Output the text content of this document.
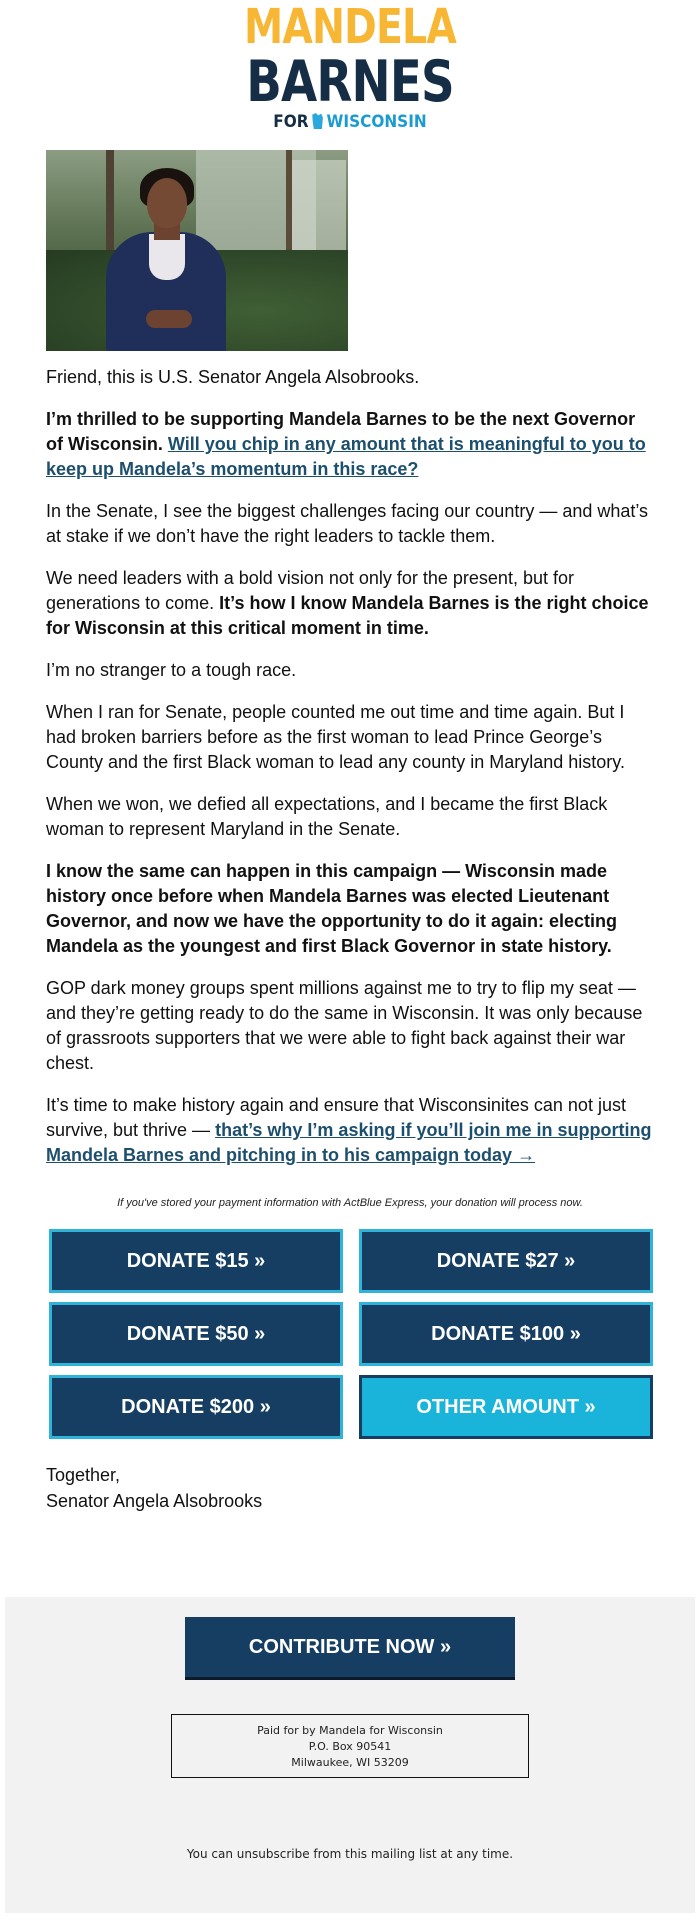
MANDELA
BARNES
FOR WISCONSIN

Friend, this is U.S. Senator Angela Alsobrooks.

I’m thrilled to be supporting Mandela Barnes to be the next Governor of Wisconsin. Will you chip in any amount that is meaningful to you to keep up Mandela’s momentum in this race?

In the Senate, I see the biggest challenges facing our country — and what’s at stake if we don’t have the right leaders to tackle them.

We need leaders with a bold vision not only for the present, but for generations to come. It’s how I know Mandela Barnes is the right choice for Wisconsin at this critical moment in time.

I’m no stranger to a tough race.

When I ran for Senate, people counted me out time and time again. But I had broken barriers before as the first woman to lead Prince George’s County and the first Black woman to lead any county in Maryland history.

When we won, we defied all expectations, and I became the first Black woman to represent Maryland in the Senate.

I know the same can happen in this campaign — Wisconsin made history once before when Mandela Barnes was elected Lieutenant Governor, and now we have the opportunity to do it again: electing Mandela as the youngest and first Black Governor in state history.

GOP dark money groups spent millions against me to try to flip my seat — and they’re getting ready to do the same in Wisconsin. It was only because of grassroots supporters that we were able to fight back against their war chest.

It’s time to make history again and ensure that Wisconsinites can not just survive, but thrive — that’s why I’m asking if you’ll join me in supporting Mandela Barnes and pitching in to his campaign today →

If you've stored your payment information with ActBlue Express, your donation will process now.

DONATE $15 »	DONATE $27 »
DONATE $50 »	DONATE $100 »
DONATE $200 »	OTHER AMOUNT »
Together,
Senator Angela Alsobrooks
CONTRIBUTE NOW »
Paid for by Mandela for Wisconsin
P.O. Box 90541
Milwaukee, WI 53209
You can unsubscribe from this mailing list at any time.
